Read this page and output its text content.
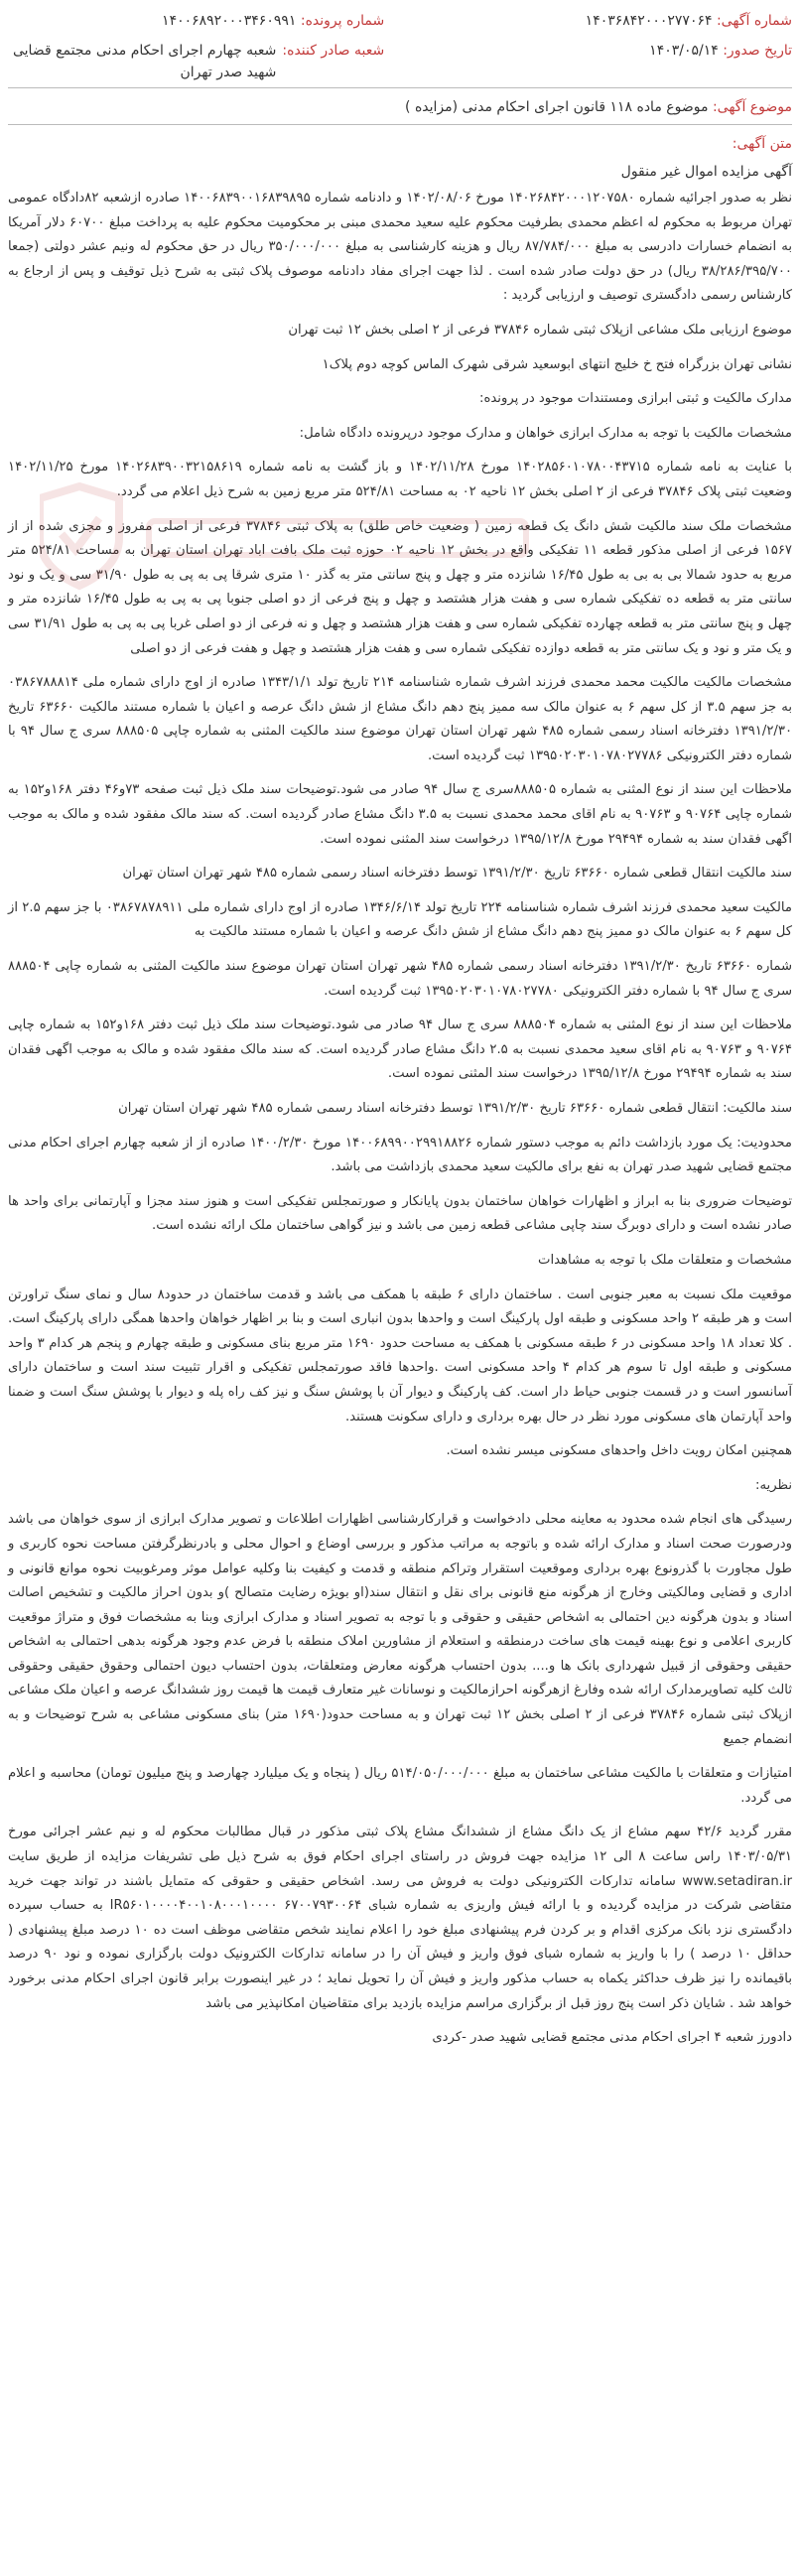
شماره آگهی: ۱۴۰۳۶۸۴۲۰۰۰۲۷۷۰۶۴
تاریخ صدور: ۱۴۰۳/۰۵/۱۴
شماره پرونده: ۱۴۰۰۶۸۹۲۰۰۰۳۴۶۰۹۹۱
شعبه صادر کننده:
شعبه چهارم اجرای احکام مدنی مجتمع قضایی شهید صدر تهران
موضوع آگهی: موضوع ماده ۱۱۸ قانون اجرای احکام مدنی (مزایده )
متن آگهی:
آگهی مزایده اموال غیر منقول

نظر به صدور اجرائیه شماره ۱۴۰۲۶۸۴۲۰۰۰۱۲۰۷۵۸۰ مورخ ۱۴۰۲/۰۸/۰۶ و دادنامه شماره ۱۴۰۰۶۸۳۹۰۰۱۶۸۳۹۸۹۵ صادره ازشعبه ۸۲دادگاه عمومی تهران مربوط به محکوم له اعظم محمدی بطرفیت محکوم علیه سعید محمدی مبنی بر محکومیت محکوم علیه به پرداخت مبلغ ۶۰۷۰۰ دلار آمریکا به انضمام خسارات دادرسی به مبلغ ۸۷/۷۸۴/۰۰۰ ریال و هزینه کارشناسی به مبلغ ۳۵۰/۰۰۰/۰۰۰ ریال در حق محکوم له ونیم عشر دولتی (جمعا ۳۸/۲۸۶/۳۹۵/۷۰۰ ریال) در حق دولت صادر شده است . لذا جهت اجرای مفاد دادنامه موصوف پلاک ثبتی به شرح ذیل توقیف و پس از ارجاع به کارشناس رسمی دادگستری توصیف و ارزیابی گردید :

موضوع ارزیابی ملک مشاعی ازپلاک ثبتی شماره ۳۷۸۴۶ فرعی از ۲ اصلی بخش ۱۲ ثبت تهران

نشانی تهران بزرگراه فتح خ خلیج انتهای ابوسعید شرقی شهرک الماس کوچه دوم پلاک۱

مدارک مالکیت و ثبتی ابرازی ومستندات موجود در پرونده:

مشخصات مالکیت با توجه به مدارک ابرازی خواهان و مدارک موجود درپرونده دادگاه شامل:

با عنایت به نامه شماره ۱۴۰۲۸۵۶۰۱۰۷۸۰۰۴۳۷۱۵ مورخ ۱۴۰۲/۱۱/۲۸ و باز گشت به نامه شماره ۱۴۰۲۶۸۳۹۰۰۳۲۱۵۸۶۱۹ مورخ ۱۴۰۲/۱۱/۲۵ وضعیت ثبتی پلاک ۳۷۸۴۶ فرعی از ۲ اصلی بخش ۱۲ ناحیه ۰۲ به مساحت ۵۲۴/۸۱ متر مربع زمین به شرح ذیل اعلام می گردد.

مشخصات ملک سند مالکیت شش دانگ یک قطعه زمین ( وضعیت خاص طلق) به پلاک ثبتی ۳۷۸۴۶ فرعی از اصلی مفروز و مجزی شده از از ۱۵۶۷ فرعی از اصلی مذکور قطعه ۱۱ تفکیکی واقع در بخش ۱۲ ناحیه ۰۲ حوزه ثبت ملک بافت اباد تهران استان تهران به مساحت ۵۲۴/۸۱ متر مربع به حدود شمالا بی به بی به طول ۱۶/۴۵ شانزده متر و چهل و پنج سانتی متر به گذر ۱۰ متری شرقا پی به پی به طول ۳۱/۹۰ سی و یک و نود سانتی متر به قطعه ده تفکیکی شماره سی و هفت هزار هشتصد و چهل و پنج فرعی از دو اصلی جنوبا پی به پی به طول ۱۶/۴۵ شانزده متر و چهل و پنج سانتی متر به قطعه چهارده تفکیکی شماره سی و هفت هزار هشتصد و چهل و نه فرعی از دو اصلی غربا پی به پی به طول ۳۱/۹۱ سی و یک متر و نود و یک سانتی متر به قطعه دوازده تفکیکی شماره سی و هفت هزار هشتصد و چهل و هفت فرعی از دو اصلی

مشخصات مالکیت مالکیت محمد محمدی فرزند اشرف شماره شناسنامه ۲۱۴ تاریخ تولد ۱۳۴۳/۱/۱ صادره از اوج دارای شماره ملی ۰۳۸۶۷۸۸۸۱۴ به جز سهم ۳.۵ از کل سهم ۶ به عنوان مالک سه ممیز پنج دهم دانگ مشاع از شش دانگ عرصه و اعیان با شماره مستند مالکیت ۶۳۶۶۰ تاریخ ۱۳۹۱/۲/۳۰ دفترخانه اسناد رسمی شماره ۴۸۵ شهر تهران استان تهران موضوع سند مالکیت المثنی به شماره چاپی ۸۸۸۵۰۵ سری ج سال ۹۴ با شماره دفتر الکترونیکی ۱۳۹۵۰۲۰۳۰۱۰۷۸۰۲۷۷۸۶ ثبت گردیده است.

ملاحظات این سند از نوع المثنی به شماره ۸۸۸۵۰۵سری ج سال ۹۴ صادر می شود.توضیحات سند ملک ذیل ثبت صفحه ۷۳و۴۶ دفتر ۱۶۸و۱۵۲ به شماره چاپی ۹۰۷۶۴ و ۹۰۷۶۳ به نام اقای محمد محمدی نسبت به ۳.۵ دانگ مشاع صادر گردیده است. که سند مالک مفقود شده و مالک به موجب اگهی فقدان سند به شماره ۲۹۴۹۴ مورخ ۱۳۹۵/۱۲/۸ درخواست سند المثنی نموده است.

سند مالکیت انتقال قطعی شماره ۶۳۶۶۰ تاریخ ۱۳۹۱/۲/۳۰ توسط دفترخانه اسناد رسمی شماره ۴۸۵ شهر تهران استان تهران

مالکیت سعید محمدی فرزند اشرف شماره شناسنامه ۲۲۴ تاریخ تولد ۱۳۴۶/۶/۱۴ صادره از اوج دارای شماره ملی ۰۳۸۶۷۸۷۸۹۱۱ با جز سهم ۲.۵ از کل سهم ۶ به عنوان مالک دو ممیز پنج دهم دانگ مشاع از شش دانگ عرصه و اعیان با شماره مستند مالکیت به

شماره ۶۳۶۶۰ تاریخ ۱۳۹۱/۲/۳۰ دفترخانه اسناد رسمی شماره ۴۸۵ شهر تهران استان تهران موضوع سند مالکیت المثنی به شماره چاپی ۸۸۸۵۰۴ سری ج سال ۹۴ با شماره دفتر الکترونیکی ۱۳۹۵۰۲۰۳۰۱۰۷۸۰۲۷۷۸۰ ثبت گردیده است.

ملاحظات این سند از نوع المثنی به شماره ۸۸۸۵۰۴ سری ج سال ۹۴ صادر می شود.توضیحات سند ملک ذیل ثبت دفتر ۱۶۸و۱۵۲ به شماره چاپی ۹۰۷۶۴ و ۹۰۷۶۳ به نام اقای سعید محمدی نسبت به ۲.۵ دانگ مشاع صادر گردیده است. که سند مالک مفقود شده و مالک به موجب اگهی فقدان سند به شماره ۲۹۴۹۴ مورخ ۱۳۹۵/۱۲/۸ درخواست سند المثنی نموده است.

سند مالکیت: انتقال قطعی شماره ۶۳۶۶۰ تاریخ ۱۳۹۱/۲/۳۰ توسط دفترخانه اسناد رسمی شماره ۴۸۵ شهر تهران استان تهران

محدودیت: یک مورد بازداشت دائم به موجب دستور شماره ۱۴۰۰۶۸۹۹۰۰۲۹۹۱۸۸۲۶ مورخ ۱۴۰۰/۲/۳۰ صادره از از شعبه چهارم اجرای احکام مدنی مجتمع قضایی شهید صدر تهران به نفع برای مالکیت سعید محمدی بازداشت می باشد.

توضیحات ضروری بنا به ابراز و اظهارات خواهان ساختمان بدون پایانکار و صورتمجلس تفکیکی است و هنوز سند مجزا و آپارتمانی برای واحد ها صادر نشده است و دارای دوبرگ سند چاپی مشاعی قطعه زمین می باشد و نیز گواهی ساختمان ملک ارائه نشده است.

مشخصات و متعلقات ملک با توجه به مشاهدات

موقعیت ملک نسبت به معبر جنوبی است . ساختمان دارای ۶ طبقه با همکف می باشد و قدمت ساختمان در حدود۸ سال و نمای سنگ تراورتن است و هر طبقه ۲ واحد مسکونی و طبقه اول پارکینگ است و واحدها بدون انباری است و بنا بر اظهار خواهان واحدها همگی دارای پارکینگ است. . کلا تعداد ۱۸ واحد مسکونی در ۶ طبقه مسکونی با همکف به مساحت حدود ۱۶۹۰ متر مربع بنای مسکونی و طبقه چهارم و پنجم هر کدام ۳ واحد مسکونی و طبقه اول تا سوم هر کدام ۴ واحد مسکونی است .واحدها فاقد صورتمجلس تفکیکی و اقرار تثبیت سند است و ساختمان دارای آسانسور است و در قسمت جنوبی حیاط دار است. کف پارکینگ و دیوار آن با پوشش سنگ و نیز کف راه پله و دیوار با پوشش سنگ است و ضمنا واحد آپارتمان های مسکونی مورد نظر در حال بهره برداری و دارای سکونت هستند.

همچنین امکان رویت داخل واحدهای مسکونی میسر نشده است.

نظریه:

رسیدگی های انجام شده محدود به معاینه محلی دادخواست و قرارکارشناسی اظهارات اطلاعات و تصویر مدارک ابرازی از سوی خواهان می باشد ودرصورت صحت اسناد و مدارک ارائه شده و باتوجه به مراتب مذکور و بررسی اوضاع و احوال محلی و بادرنظرگرفتن مساحت نحوه کاربری و طول مجاورت با گذرونوع بهره برداری وموقعیت استقرار وتراکم منطقه و قدمت و کیفیت بنا وکلیه عوامل موثر ومرغوبیت نحوه موانع قانونی و اداری و قضایی ومالکیتی وخارج از هرگونه منع قانونی برای نقل و انتقال سند(او بویژه رضایت متصالح )و بدون احراز مالکیت و تشخیص اصالت اسناد و بدون هرگونه دین احتمالی به اشخاص حقیقی و حقوقی و با توجه به تصویر اسناد و مدارک ابرازی وبنا به مشخصات فوق و متراژ موقعیت کاربری اعلامی و نوع بهینه قیمت های ساخت درمنطقه و استعلام از مشاورین املاک منطقه با فرض عدم وجود هرگونه بدهی احتمالی به اشخاص حقیقی وحقوقی از قبیل شهرداری بانک ها و.... بدون احتساب هرگونه معارض ومتعلقات، بدون احتساب دیون احتمالی وحقوق حقیقی وحقوقی ثالث کلیه تصاویرمدارک ارائه شده وفارغ ازهرگونه احرازمالکیت و نوسانات غیر متعارف قیمت ها قیمت روز ششدانگ عرصه و اعیان ملک مشاعی ازپلاک ثبتی شماره ۳۷۸۴۶ فرعی از ۲ اصلی بخش ۱۲ ثبت تهران و به مساحت حدود(۱۶۹۰ متر) بنای مسکونی مشاعی به شرح توضیحات و به انضمام جمیع

امتیازات و متعلقات با مالکیت مشاعی ساختمان به مبلغ ۵۱۴/۰۵۰/۰۰۰/۰۰۰ ریال ( پنجاه و یک میلیارد چهارصد و پنج میلیون تومان) محاسبه و اعلام می گردد.

مقرر گردید ۴۲/۶ سهم مشاع از یک دانگ مشاع از ششدانگ مشاع پلاک ثبتی مذکور در قبال مطالبات محکوم له و نیم عشر اجرائی مورخ ۱۴۰۳/۰۵/۳۱ راس ساعت ۸ الی ۱۲ مزایده جهت فروش در راستای اجرای احکام فوق به شرح ذیل طی تشریفات مزایده از طریق سایت www.setadiran.ir سامانه تدارکات الکترونیکی دولت به فروش می رسد. اشخاص حقیقی و حقوقی که متمایل باشند در تواند جهت خرید متقاضی شرکت در مزایده گردیده و با ارائه فیش واریزی به شماره شبای ۶۷۰۰۷۹۳۰۰۶۴ IR۵۶۰۱۰۰۰۰۴۰۰۱۰۸۰۰۰۱۰۰۰۰ به حساب سپرده دادگستری نزد بانک مرکزی اقدام و بر کردن فرم پیشنهادی مبلغ خود را اعلام نمایند شخص متقاضی موظف است ده ۱۰ درصد مبلغ پیشنهادی ( حداقل ۱۰ درصد ) را با واریز به شماره شبای فوق واریز و فیش آن را در سامانه تدارکات الکترونیک دولت بارگزاری نموده و نود ۹۰ درصد باقیمانده را نیز ظرف حداکثر یکماه به حساب مذکور واریز و فیش آن را تحویل نماید ؛ در غیر اینصورت برابر قانون اجرای احکام مدنی برخورد خواهد شد . شایان ذکر است پنج روز قبل از برگزاری مراسم مزایده بازدید برای متقاضیان امکانپذیر می باشد

دادورز شعبه ۴ اجرای احکام مدنی مجتمع قضایی شهید صدر -کردی
